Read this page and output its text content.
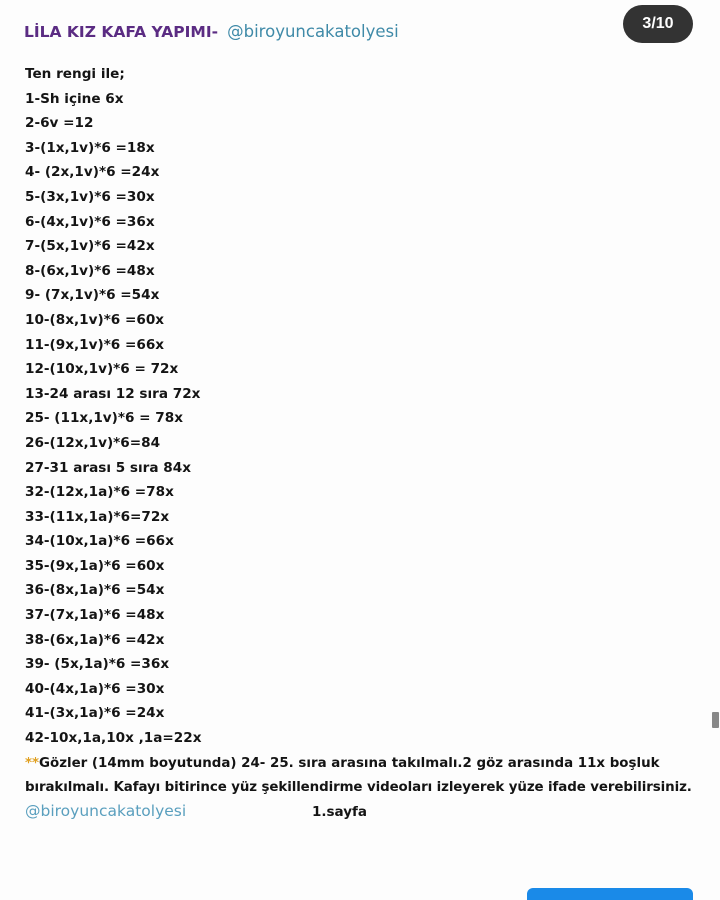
LİLA KIZ KAFA YAPIMI- @biroyuncakatolyesi	3/10
Ten rengi ile;
1-Sh içine 6x
2-6v =12
3-(1x,1v)*6 =18x
4- (2x,1v)*6 =24x
5-(3x,1v)*6 =30x
6-(4x,1v)*6 =36x
7-(5x,1v)*6 =42x
8-(6x,1v)*6 =48x
9- (7x,1v)*6 =54x
10-(8x,1v)*6 =60x
11-(9x,1v)*6 =66x
12-(10x,1v)*6 = 72x
13-24 arası 12 sıra 72x
25- (11x,1v)*6 = 78x
26-(12x,1v)*6=84
27-31 arası 5 sıra 84x
32-(12x,1a)*6 =78x
33-(11x,1a)*6=72x
34-(10x,1a)*6 =66x
35-(9x,1a)*6 =60x
36-(8x,1a)*6 =54x
37-(7x,1a)*6 =48x
38-(6x,1a)*6 =42x
39- (5x,1a)*6 =36x
40-(4x,1a)*6 =30x
41-(3x,1a)*6 =24x
42-10x,1a,10x ,1a=22x
**Gözler (14mm boyutunda) 24- 25. sıra arasına takılmalı.2 göz arasında 11x boşluk
bırakılmalı. Kafayı bitirince yüz şekillendirme videoları izleyerek yüze ifade verebilirsiniz.
@biroyuncakatolyesi	1.sayfa
